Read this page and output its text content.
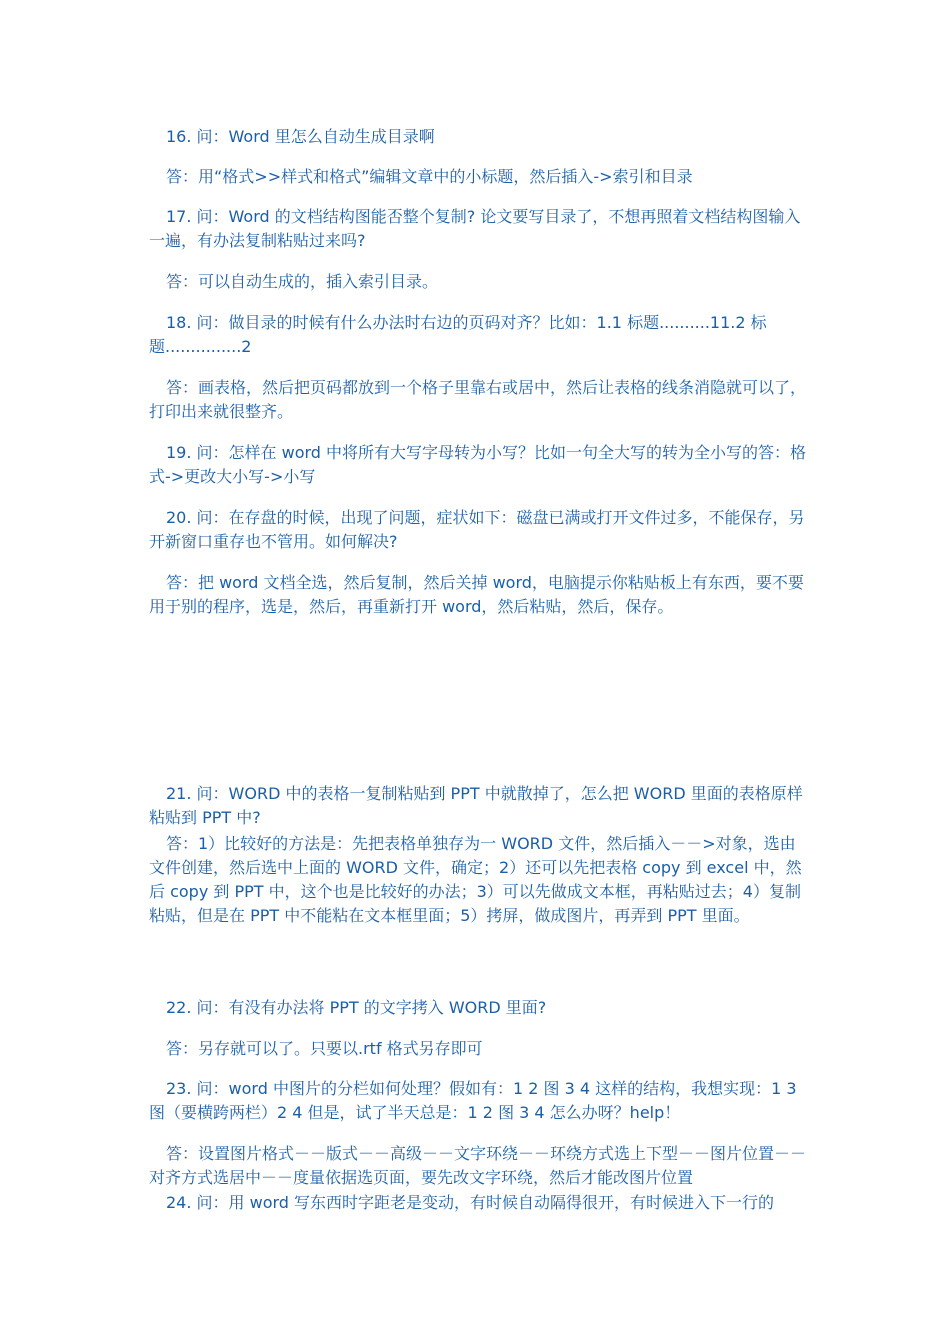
16. 问：Word 里怎么自动生成目录啊

答：用“格式>>样式和格式”编辑文章中的小标题，然后插入->索引和目录

17. 问：Word 的文档结构图能否整个复制? 论文要写目录了，不想再照着文档结构图输入一遍，有办法复制粘贴过来吗?

答：可以自动生成的，插入索引目录。

18. 问：做目录的时候有什么办法时右边的页码对齐？比如：1.1 标题..........11.2 标题...............2

答：画表格，然后把页码都放到一个格子里靠右或居中，然后让表格的线条消隐就可以了，打印出来就很整齐。

19. 问：怎样在 word 中将所有大写字母转为小写？比如一句全大写的转为全小写的答：格式->更改大小写->小写

20. 问：在存盘的时候，出现了问题，症状如下：磁盘已满或打开文件过多，不能保存，另开新窗口重存也不管用。如何解决?

答：把 word 文档全选，然后复制，然后关掉 word，电脑提示你粘贴板上有东西，要不要用于别的程序，选是，然后，再重新打开 word，然后粘贴，然后，保存。

21. 问：WORD 中的表格一复制粘贴到 PPT 中就散掉了，怎么把 WORD 里面的表格原样粘贴到 PPT 中?

答：1）比较好的方法是：先把表格单独存为一 WORD 文件，然后插入－－>对象，选由文件创建，然后选中上面的 WORD 文件，确定；2）还可以先把表格 copy 到 excel 中，然后 copy 到 PPT 中，这个也是比较好的办法；3）可以先做成文本框，再粘贴过去；4）复制粘贴，但是在 PPT 中不能粘在文本框里面；5）拷屏，做成图片，再弄到 PPT 里面。

22. 问：有没有办法将 PPT 的文字拷入 WORD 里面?

答：另存就可以了。只要以.rtf 格式另存即可

23. 问：word 中图片的分栏如何处理？假如有：1 2 图 3 4 这样的结构，我想实现：1 3 图（要横跨两栏）2 4 但是，试了半天总是：1 2 图 3 4 怎么办呀？help！

答：设置图片格式－－版式－－高级－－文字环绕－－环绕方式选上下型－－图片位置－－对齐方式选居中－－度量依据选页面，要先改文字环绕，然后才能改图片位置

24. 问：用 word 写东西时字距老是变动，有时候自动隔得很开，有时候进入下一行的
